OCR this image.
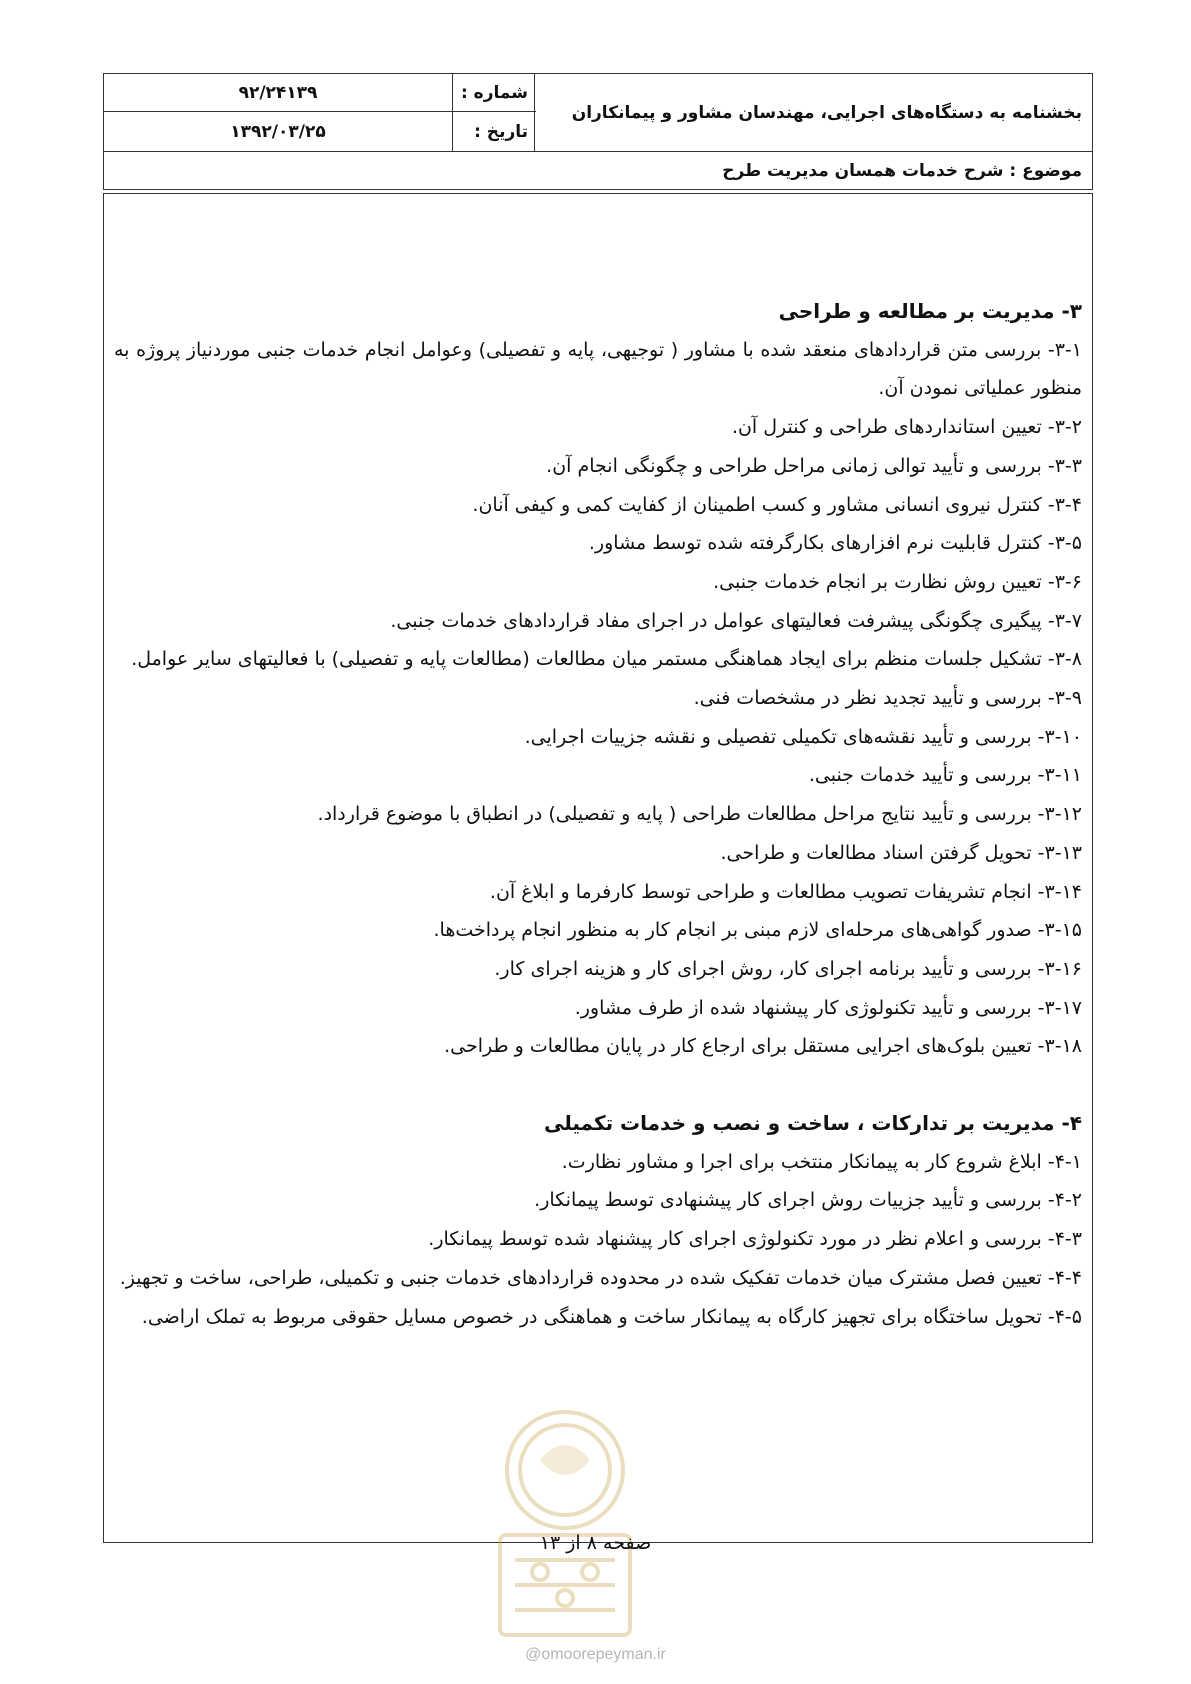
بخشنامه به دستگاه‌های اجرایی، مهندسان مشاور و پیمانکاران
شماره :
۹۲/۲۴۱۳۹
تاریخ :
۱۳۹۲/۰۳/۲۵
موضوع : شرح خدمات همسان مدیریت طرح
۳- مدیریت بر مطالعه و طراحی
۳-۱- بررسی متن قراردادهای منعقد شده با مشاور ( توجیهی، پایه و تفصیلی) وعوامل انجام خدمات جنبی موردنیاز پروژه به منظور عملیاتی نمودن آن.
۳-۲- تعیین استانداردهای طراحی و کنترل آن.
۳-۳- بررسی و تأیید توالی زمانی مراحل طراحی و چگونگی انجام آن.
۳-۴- کنترل نیروی انسانی مشاور و کسب اطمینان از کفایت کمی و کیفی آنان.
۳-۵- کنترل قابلیت نرم افزارهای بکارگرفته شده توسط مشاور.
۳-۶- تعیین روش نظارت بر انجام خدمات جنبی.
۳-۷- پیگیری چگونگی پیشرفت فعالیتهای عوامل در اجرای مفاد قراردادهای خدمات جنبی.
۳-۸- تشکیل جلسات منظم برای ایجاد هماهنگی مستمر میان مطالعات (مطالعات پایه و تفصیلی) با فعالیتهای سایر عوامل.
۳-۹- بررسی و تأیید تجدید نظر در مشخصات فنی.
۳-۱۰- بررسی و تأیید نقشه‌های تکمیلی تفصیلی و نقشه جزییات اجرایی.
۳-۱۱- بررسی و تأیید خدمات جنبی.
۳-۱۲- بررسی و تأیید نتایج مراحل مطالعات طراحی ( پایه و تفصیلی) در انطباق با موضوع قرارداد.
۳-۱۳- تحویل گرفتن اسناد مطالعات و طراحی.
۳-۱۴- انجام تشریفات تصویب مطالعات و طراحی توسط کارفرما و ابلاغ آن.
۳-۱۵- صدور گواهی‌های مرحله‌ای لازم مبنی بر انجام کار به منظور انجام پرداخت‌ها.
۳-۱۶- بررسی و تأیید برنامه اجرای کار، روش اجرای کار و هزینه اجرای کار.
۳-۱۷- بررسی و تأیید تکنولوژی کار پیشنهاد شده از طرف مشاور.
۳-۱۸- تعیین بلوک‌های اجرایی مستقل برای ارجاع کار در پایان مطالعات و طراحی.
۴- مدیریت بر تدارکات ، ساخت و نصب و خدمات تکمیلی
۴-۱- ابلاغ شروع کار به پیمانکار منتخب برای اجرا و مشاور نظارت.
۴-۲- بررسی و تأیید جزییات روش اجرای کار پیشنهادی توسط پیمانکار.
۴-۳- بررسی و اعلام نظر در مورد تکنولوژی اجرای کار پیشنهاد شده توسط پیمانکار.
۴-۴- تعیین فصل مشترک میان خدمات تفکیک شده در محدوده قراردادهای خدمات جنبی و تکمیلی، طراحی، ساخت و تجهیز.
۴-۵- تحویل ساختگاه برای تجهیز کارگاه به پیمانکار ساخت و هماهنگی در خصوص مسایل حقوقی مربوط به تملک اراضی.
صفحه ۸ از ۱۳
@omoorepeyman.ir
